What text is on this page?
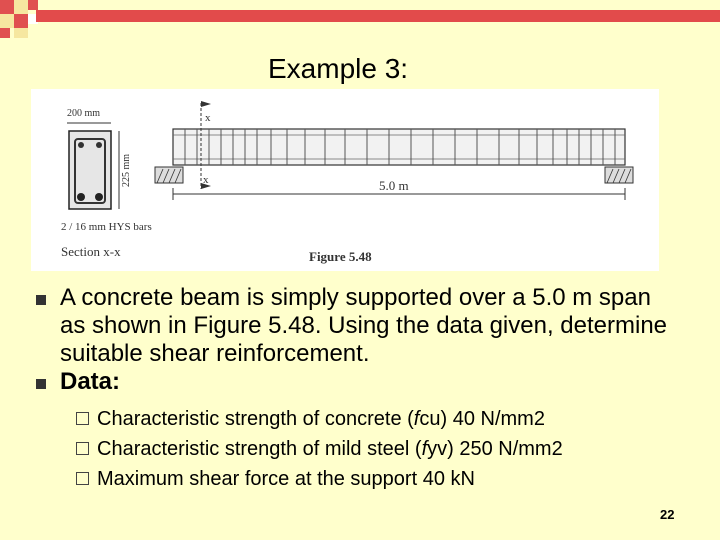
Example 3:
200 mm
225 mm
2 / 16 mm HYS bars
Section x-x
x
x	5.0 m
Figure 5.48
A concrete beam is simply supported over a 5.0 m span as shown in Figure 5.48. Using the data given, determine suitable shear reinforcement.
Data:
Characteristic strength of concrete (fcu) 40 N/mm2
Characteristic strength of mild steel (fyv) 250 N/mm2
Maximum shear force at the support 40 kN
22
